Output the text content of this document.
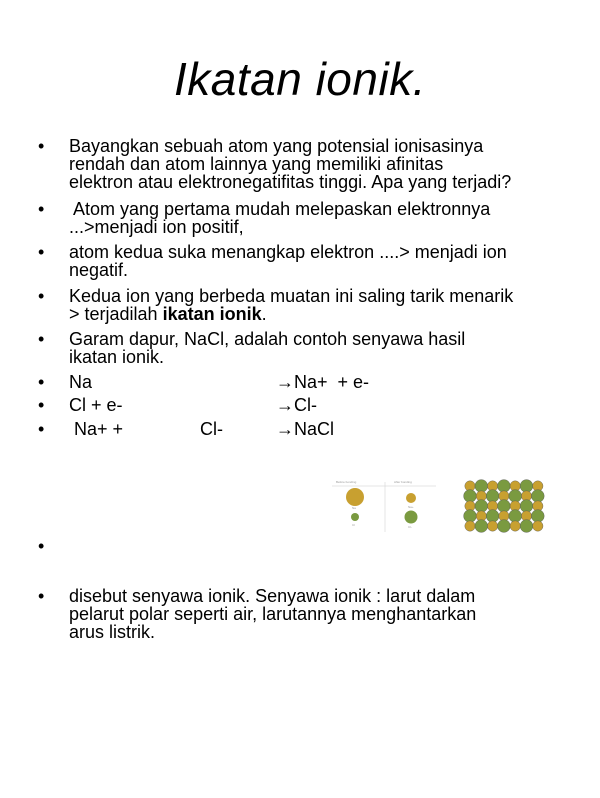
Ikatan ionik.
•	Bayangkan sebuah atom yang potensial ionisasinya
rendah dan atom lainnya yang memiliki afinitas
elektron atau elektronegatifitas tinggi. Apa yang terjadi?
•	Atom yang pertama mudah melepaskan elektronnya
...>menjadi ion positif,
•	atom kedua suka menangkap elektron ....> menjadi ion
negatif.
•	Kedua ion yang berbeda muatan ini saling tarik menarik
> terjadilah ikatan ionik.
•	Garam dapur, NaCl, adalah contoh senyawa hasil
ikatan ionik.
•	Na	→Na+  + e-
•	Cl + e-	→Cl-
•	Na+ +	Cl-	→NaCl
•
•	disebut senyawa ionik. Senyawa ionik : larut dalam
pelarut polar seperti air, larutannya menghantarkan
arus listrik.
Before bonding	After bonding
Na
Cl
Na+
Cl-
